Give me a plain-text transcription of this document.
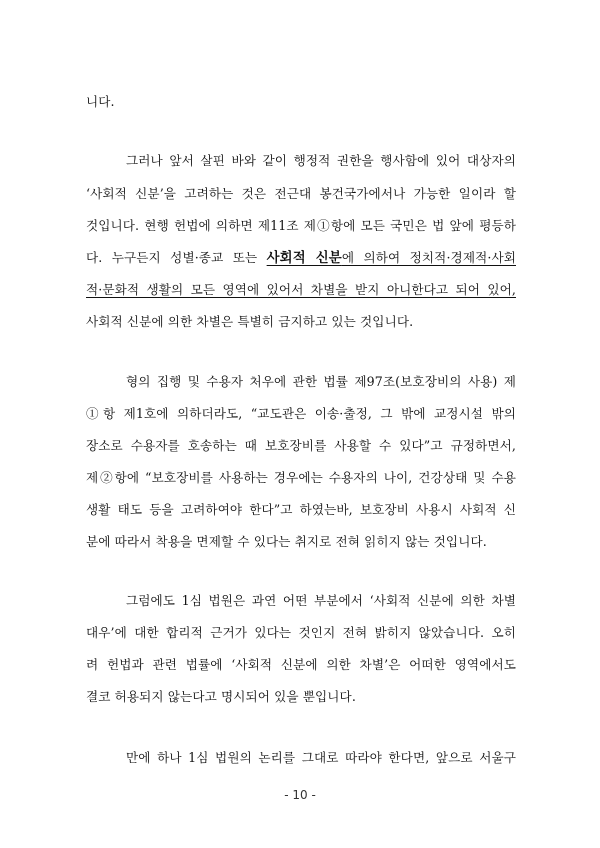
니다.
그러나 앞서 살핀 바와 같이 행정적 권한을 행사함에 있어 대상자의
‘사회적 신분’을 고려하는 것은 전근대 봉건국가에서나 가능한 일이라 할
것입니다. 현행 헌법에 의하면 제11조 제①항에 모든 국민은 법 앞에 평등하
다. 누구든지 성별·종교 또는 사회적 신분에 의하여 정치적·경제적·사회
적·문화적 생활의 모든 영역에 있어서 차별을 받지 아니한다고 되어 있어,
사회적 신분에 의한 차별은 특별히 금지하고 있는 것입니다.
형의 집행 및 수용자 처우에 관한 법률 제97조(보호장비의 사용) 제
①항 제1호에 의하더라도, “교도관은 이송·출정, 그 밖에 교정시설 밖의
장소로 수용자를 호송하는 때 보호장비를 사용할 수 있다”고 규정하면서,
제②항에 “보호장비를 사용하는 경우에는 수용자의 나이, 건강상태 및 수용
생활 태도 등을 고려하여야 한다”고 하였는바, 보호장비 사용시 사회적 신
분에 따라서 착용을 면제할 수 있다는 취지로 전혀 읽히지 않는 것입니다.
그럼에도 1심 법원은 과연 어떤 부분에서 ‘사회적 신분에 의한 차별
대우’에 대한 합리적 근거가 있다는 것인지 전혀 밝히지 않았습니다. 오히
려 헌법과 관련 법률에 ‘사회적 신분에 의한 차별’은 어떠한 영역에서도
결코 허용되지 않는다고 명시되어 있을 뿐입니다.
만에 하나 1심 법원의 논리를 그대로 따라야 한다면, 앞으로 서울구
- 10 -
